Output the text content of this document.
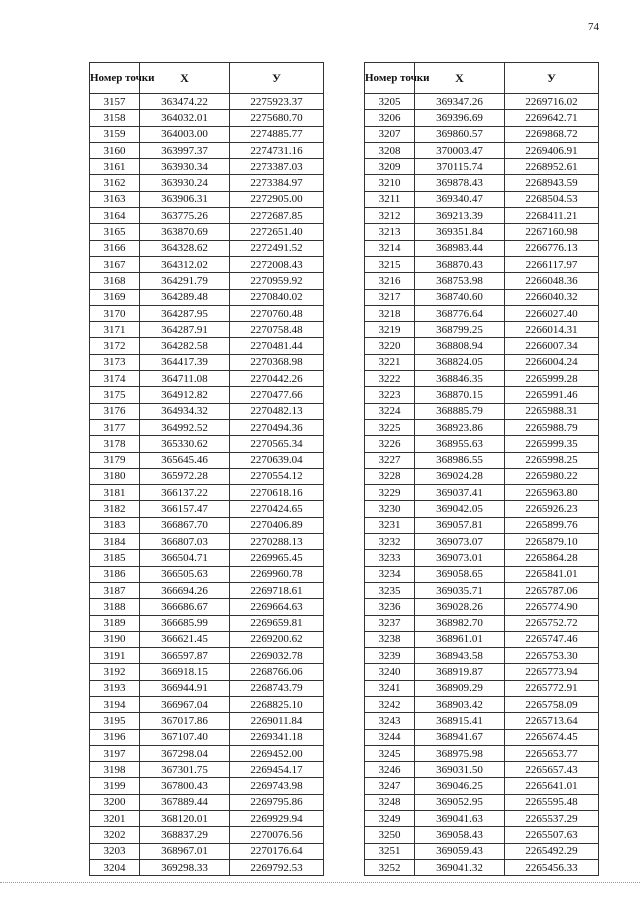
74
Номер точки	X	У
3157	363474.22	2275923.37
3158	364032.01	2275680.70
3159	364003.00	2274885.77
3160	363997.37	2274731.16
3161	363930.34	2273387.03
3162	363930.24	2273384.97
3163	363906.31	2272905.00
3164	363775.26	2272687.85
3165	363870.69	2272651.40
3166	364328.62	2272491.52
3167	364312.02	2272008.43
3168	364291.79	2270959.92
3169	364289.48	2270840.02
3170	364287.95	2270760.48
3171	364287.91	2270758.48
3172	364282.58	2270481.44
3173	364417.39	2270368.98
3174	364711.08	2270442.26
3175	364912.82	2270477.66
3176	364934.32	2270482.13
3177	364992.52	2270494.36
3178	365330.62	2270565.34
3179	365645.46	2270639.04
3180	365972.28	2270554.12
3181	366137.22	2270618.16
3182	366157.47	2270424.65
3183	366867.70	2270406.89
3184	366807.03	2270288.13
3185	366504.71	2269965.45
3186	366505.63	2269960.78
3187	366694.26	2269718.61
3188	366686.67	2269664.63
3189	366685.99	2269659.81
3190	366621.45	2269200.62
3191	366597.87	2269032.78
3192	366918.15	2268766.06
3193	366944.91	2268743.79
3194	366967.04	2268825.10
3195	367017.86	2269011.84
3196	367107.40	2269341.18
3197	367298.04	2269452.00
3198	367301.75	2269454.17
3199	367800.43	2269743.98
3200	367889.44	2269795.86
3201	368120.01	2269929.94
3202	368837.29	2270076.56
3203	368967.01	2270176.64
3204	369298.33	2269792.53
Номер точки	X	У
3205	369347.26	2269716.02
3206	369396.69	2269642.71
3207	369860.57	2269868.72
3208	370003.47	2269406.91
3209	370115.74	2268952.61
3210	369878.43	2268943.59
3211	369340.47	2268504.53
3212	369213.39	2268411.21
3213	369351.84	2267160.98
3214	368983.44	2266776.13
3215	368870.43	2266117.97
3216	368753.98	2266048.36
3217	368740.60	2266040.32
3218	368776.64	2266027.40
3219	368799.25	2266014.31
3220	368808.94	2266007.34
3221	368824.05	2266004.24
3222	368846.35	2265999.28
3223	368870.15	2265991.46
3224	368885.79	2265988.31
3225	368923.86	2265988.79
3226	368955.63	2265999.35
3227	368986.55	2265998.25
3228	369024.28	2265980.22
3229	369037.41	2265963.80
3230	369042.05	2265926.23
3231	369057.81	2265899.76
3232	369073.07	2265879.10
3233	369073.01	2265864.28
3234	369058.65	2265841.01
3235	369035.71	2265787.06
3236	369028.26	2265774.90
3237	368982.70	2265752.72
3238	368961.01	2265747.46
3239	368943.58	2265753.30
3240	368919.87	2265773.94
3241	368909.29	2265772.91
3242	368903.42	2265758.09
3243	368915.41	2265713.64
3244	368941.67	2265674.45
3245	368975.98	2265653.77
3246	369031.50	2265657.43
3247	369046.25	2265641.01
3248	369052.95	2265595.48
3249	369041.63	2265537.29
3250	369058.43	2265507.63
3251	369059.43	2265492.29
3252	369041.32	2265456.33
